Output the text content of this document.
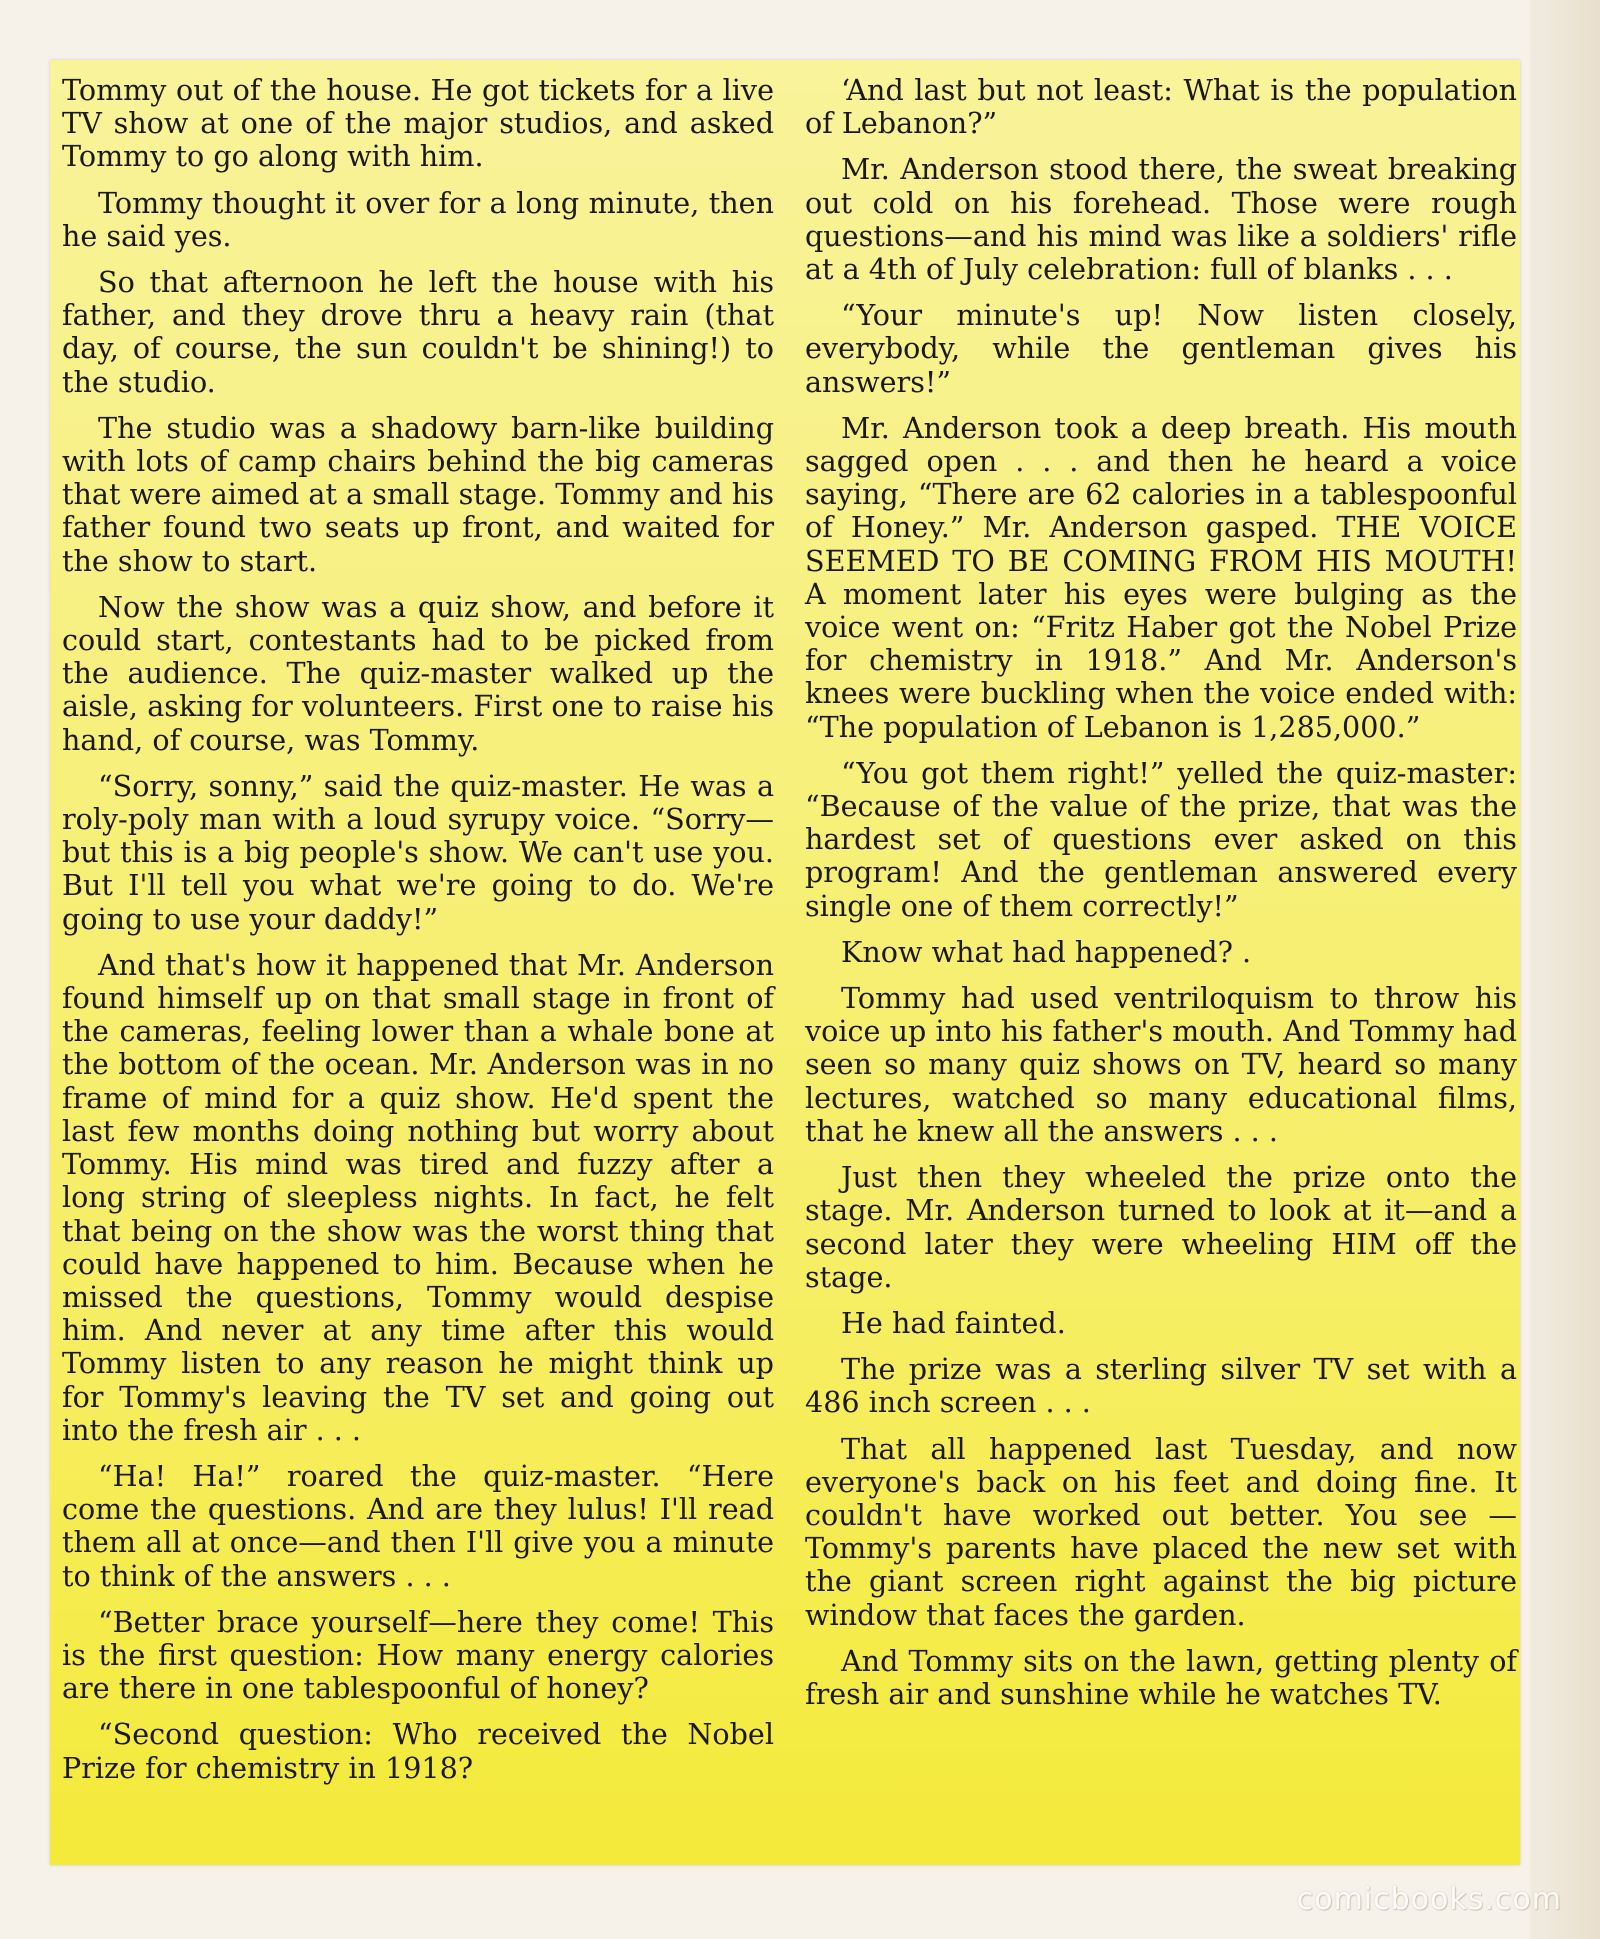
Tommy out of the house. He got tickets for a live TV show at one of the major studios, and asked Tommy to go along with him.

Tommy thought it over for a long minute, then he said yes.

So that afternoon he left the house with his father, and they drove thru a heavy rain (that day, of course, the sun couldn't be shining!) to the studio.

The studio was a shadowy barn-like building with lots of camp chairs behind the big cameras that were aimed at a small stage. Tommy and his father found two seats up front, and waited for the show to start.

Now the show was a quiz show, and before it could start, contestants had to be picked from the audience. The quiz-master walked up the aisle, asking for volunteers. First one to raise his hand, of course, was Tommy.

“Sorry, sonny,” said the quiz-master. He was a roly-poly man with a loud syrupy voice. “Sorry—but this is a big people's show. We can't use you. But I'll tell you what we're going to do. We're going to use your daddy!”

And that's how it happened that Mr. Anderson found himself up on that small stage in front of the cameras, feeling lower than a whale bone at the bottom of the ocean. Mr. Anderson was in no frame of mind for a quiz show. He'd spent the last few months doing nothing but worry about Tommy. His mind was tired and fuzzy after a long string of sleepless nights. In fact, he felt that being on the show was the worst thing that could have happened to him. Because when he missed the questions, Tommy would despise him. And never at any time after this would Tommy listen to any reason he might think up for Tommy's leaving the TV set and going out into the fresh air . . .

“Ha! Ha!” roared the quiz-master. “Here come the questions. And are they lulus! I'll read them all at once—and then I'll give you a minute to think of the answers . . .

“Better brace yourself—here they come! This is the first question: How many energy calories are there in one tablespoonful of honey?

“Second question: Who received the Nobel Prize for chemistry in 1918?

‘And last but not least: What is the population of Lebanon?”

Mr. Anderson stood there, the sweat breaking out cold on his forehead. Those were rough questions—and his mind was like a soldiers' rifle at a 4th of July celebration: full of blanks . . .

“Your minute's up! Now listen closely, everybody, while the gentleman gives his answers!”

Mr. Anderson took a deep breath. His mouth sagged open . . . and then he heard a voice saying, “There are 62 calories in a tablespoonful of Honey.” Mr. Anderson gasped. THE VOICE SEEMED TO BE COMING FROM HIS MOUTH! A moment later his eyes were bulging as the voice went on: “Fritz Haber got the Nobel Prize for chemistry in 1918.” And Mr. Anderson's knees were buckling when the voice ended with: “The population of Lebanon is 1,285,000.”

“You got them right!” yelled the quiz-master: “Because of the value of the prize, that was the hardest set of questions ever asked on this program! And the gentleman answered every single one of them correctly!”

Know what had happened? .

Tommy had used ventriloquism to throw his voice up into his father's mouth. And Tommy had seen so many quiz shows on TV, heard so many lectures, watched so many educational films, that he knew all the answers . . .

Just then they wheeled the prize onto the stage. Mr. Anderson turned to look at it—and a second later they were wheeling HIM off the stage.

He had fainted.

The prize was a sterling silver TV set with a 486 inch screen . . .

That all happened last Tuesday, and now everyone's back on his feet and doing fine. It couldn't have worked out better. You see —Tommy's parents have placed the new set with the giant screen right against the big picture window that faces the garden.

And Tommy sits on the lawn, getting plenty of fresh air and sunshine while he watches TV.

comicbooks.com
